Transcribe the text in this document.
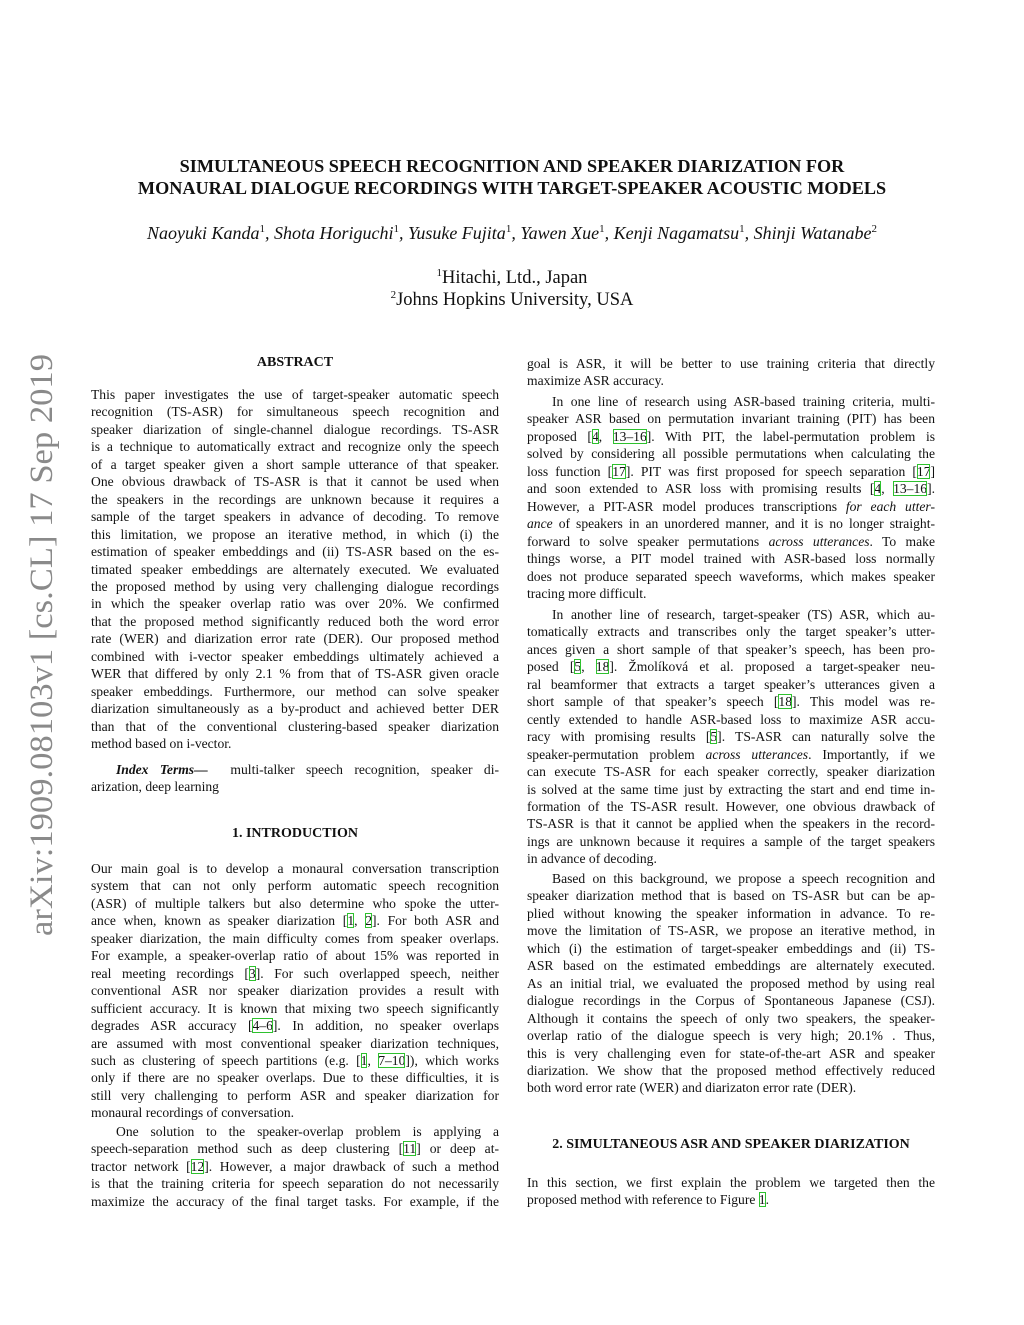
arXiv:1909.08103v1 [cs.CL] 17 Sep 2019
SIMULTANEOUS SPEECH RECOGNITION AND SPEAKER DIARIZATION FOR
MONAURAL DIALOGUE RECORDINGS WITH TARGET-SPEAKER ACOUSTIC MODELS
Naoyuki Kanda$^1$, Shota Horiguchi$^1$, Yusuke Fujita$^1$, Yawen Xue$^1$, Kenji Nagamatsu$^1$, Shinji Watanabe$^2$
$^1$Hitachi, Ltd., Japan
$^2$Johns Hopkins University, USA
ABSTRACT
1. INTRODUCTION
2. SIMULTANEOUS ASR AND SPEAKER DIARIZATION
This paper investigates the use of target-speaker automatic speech
recognition (TS-ASR) for simultaneous speech recognition and
speaker diarization of single-channel dialogue recordings. TS-ASR
is a technique to automatically extract and recognize only the speech
of a target speaker given a short sample utterance of that speaker.
One obvious drawback of TS-ASR is that it cannot be used when
the speakers in the recordings are unknown because it requires a
sample of the target speakers in advance of decoding. To remove
this limitation, we propose an iterative method, in which (i) the
estimation of speaker embeddings and (ii) TS-ASR based on the es-
timated speaker embeddings are alternately executed. We evaluated
the proposed method by using very challenging dialogue recordings
in which the speaker overlap ratio was over 20%. We confirmed
that the proposed method significantly reduced both the word error
rate (WER) and diarization error rate (DER). Our proposed method
combined with i-vector speaker embeddings ultimately achieved a
WER that differed by only 2.1 % from that of TS-ASR given oracle
speaker embeddings. Furthermore, our method can solve speaker
diarization simultaneously as a by-product and achieved better DER
than that of the conventional clustering-based speaker diarization
method based on i-vector.
Index Terms—  multi-talker speech recognition, speaker di-
arization, deep learning
Our main goal is to develop a monaural conversation transcription
system that can not only perform automatic speech recognition
(ASR) of multiple talkers but also determine who spoke the utter-
ance when, known as speaker diarization [1, 2]. For both ASR and
speaker diarization, the main difficulty comes from speaker overlaps.
For example, a speaker-overlap ratio of about 15% was reported in
real meeting recordings [3]. For such overlapped speech, neither
conventional ASR nor speaker diarization provides a result with
sufficient accuracy. It is known that mixing two speech significantly
degrades ASR accuracy [4–6]. In addition, no speaker overlaps
are assumed with most conventional speaker diarization techniques,
such as clustering of speech partitions (e.g. [1, 7–10]), which works
only if there are no speaker overlaps. Due to these difficulties, it is
still very challenging to perform ASR and speaker diarization for
monaural recordings of conversation.
One solution to the speaker-overlap problem is applying a
speech-separation method such as deep clustering [11] or deep at-
tractor network [12]. However, a major drawback of such a method
is that the training criteria for speech separation do not necessarily
maximize the accuracy of the final target tasks. For example, if the
goal is ASR, it will be better to use training criteria that directly
maximize ASR accuracy.
In one line of research using ASR-based training criteria, multi-
speaker ASR based on permutation invariant training (PIT) has been
proposed [4, 13–16]. With PIT, the label-permutation problem is
solved by considering all possible permutations when calculating the
loss function [17]. PIT was first proposed for speech separation [17]
and soon extended to ASR loss with promising results [4, 13–16].
However, a PIT-ASR model produces transcriptions for each utter-
ance of speakers in an unordered manner, and it is no longer straight-
forward to solve speaker permutations across utterances. To make
things worse, a PIT model trained with ASR-based loss normally
does not produce separated speech waveforms, which makes speaker
tracing more difficult.
In another line of research, target-speaker (TS) ASR, which au-
tomatically extracts and transcribes only the target speaker’s utter-
ances given a short sample of that speaker’s speech, has been pro-
posed [5, 18]. Žmolíková et al. proposed a target-speaker neu-
ral beamformer that extracts a target speaker’s utterances given a
short sample of that speaker’s speech [18]. This model was re-
cently extended to handle ASR-based loss to maximize ASR accu-
racy with promising results [5]. TS-ASR can naturally solve the
speaker-permutation problem across utterances. Importantly, if we
can execute TS-ASR for each speaker correctly, speaker diarization
is solved at the same time just by extracting the start and end time in-
formation of the TS-ASR result. However, one obvious drawback of
TS-ASR is that it cannot be applied when the speakers in the record-
ings are unknown because it requires a sample of the target speakers
in advance of decoding.
Based on this background, we propose a speech recognition and
speaker diarization method that is based on TS-ASR but can be ap-
plied without knowing the speaker information in advance. To re-
move the limitation of TS-ASR, we propose an iterative method, in
which (i) the estimation of target-speaker embeddings and (ii) TS-
ASR based on the estimated embeddings are alternately executed.
As an initial trial, we evaluated the proposed method by using real
dialogue recordings in the Corpus of Spontaneous Japanese (CSJ).
Although it contains the speech of only two speakers, the speaker-
overlap ratio of the dialogue speech is very high; 20.1% . Thus,
this is very challenging even for state-of-the-art ASR and speaker
diarization. We show that the proposed method effectively reduced
both word error rate (WER) and diarizaton error rate (DER).
In this section, we first explain the problem we targeted then the
proposed method with reference to Figure 1.
